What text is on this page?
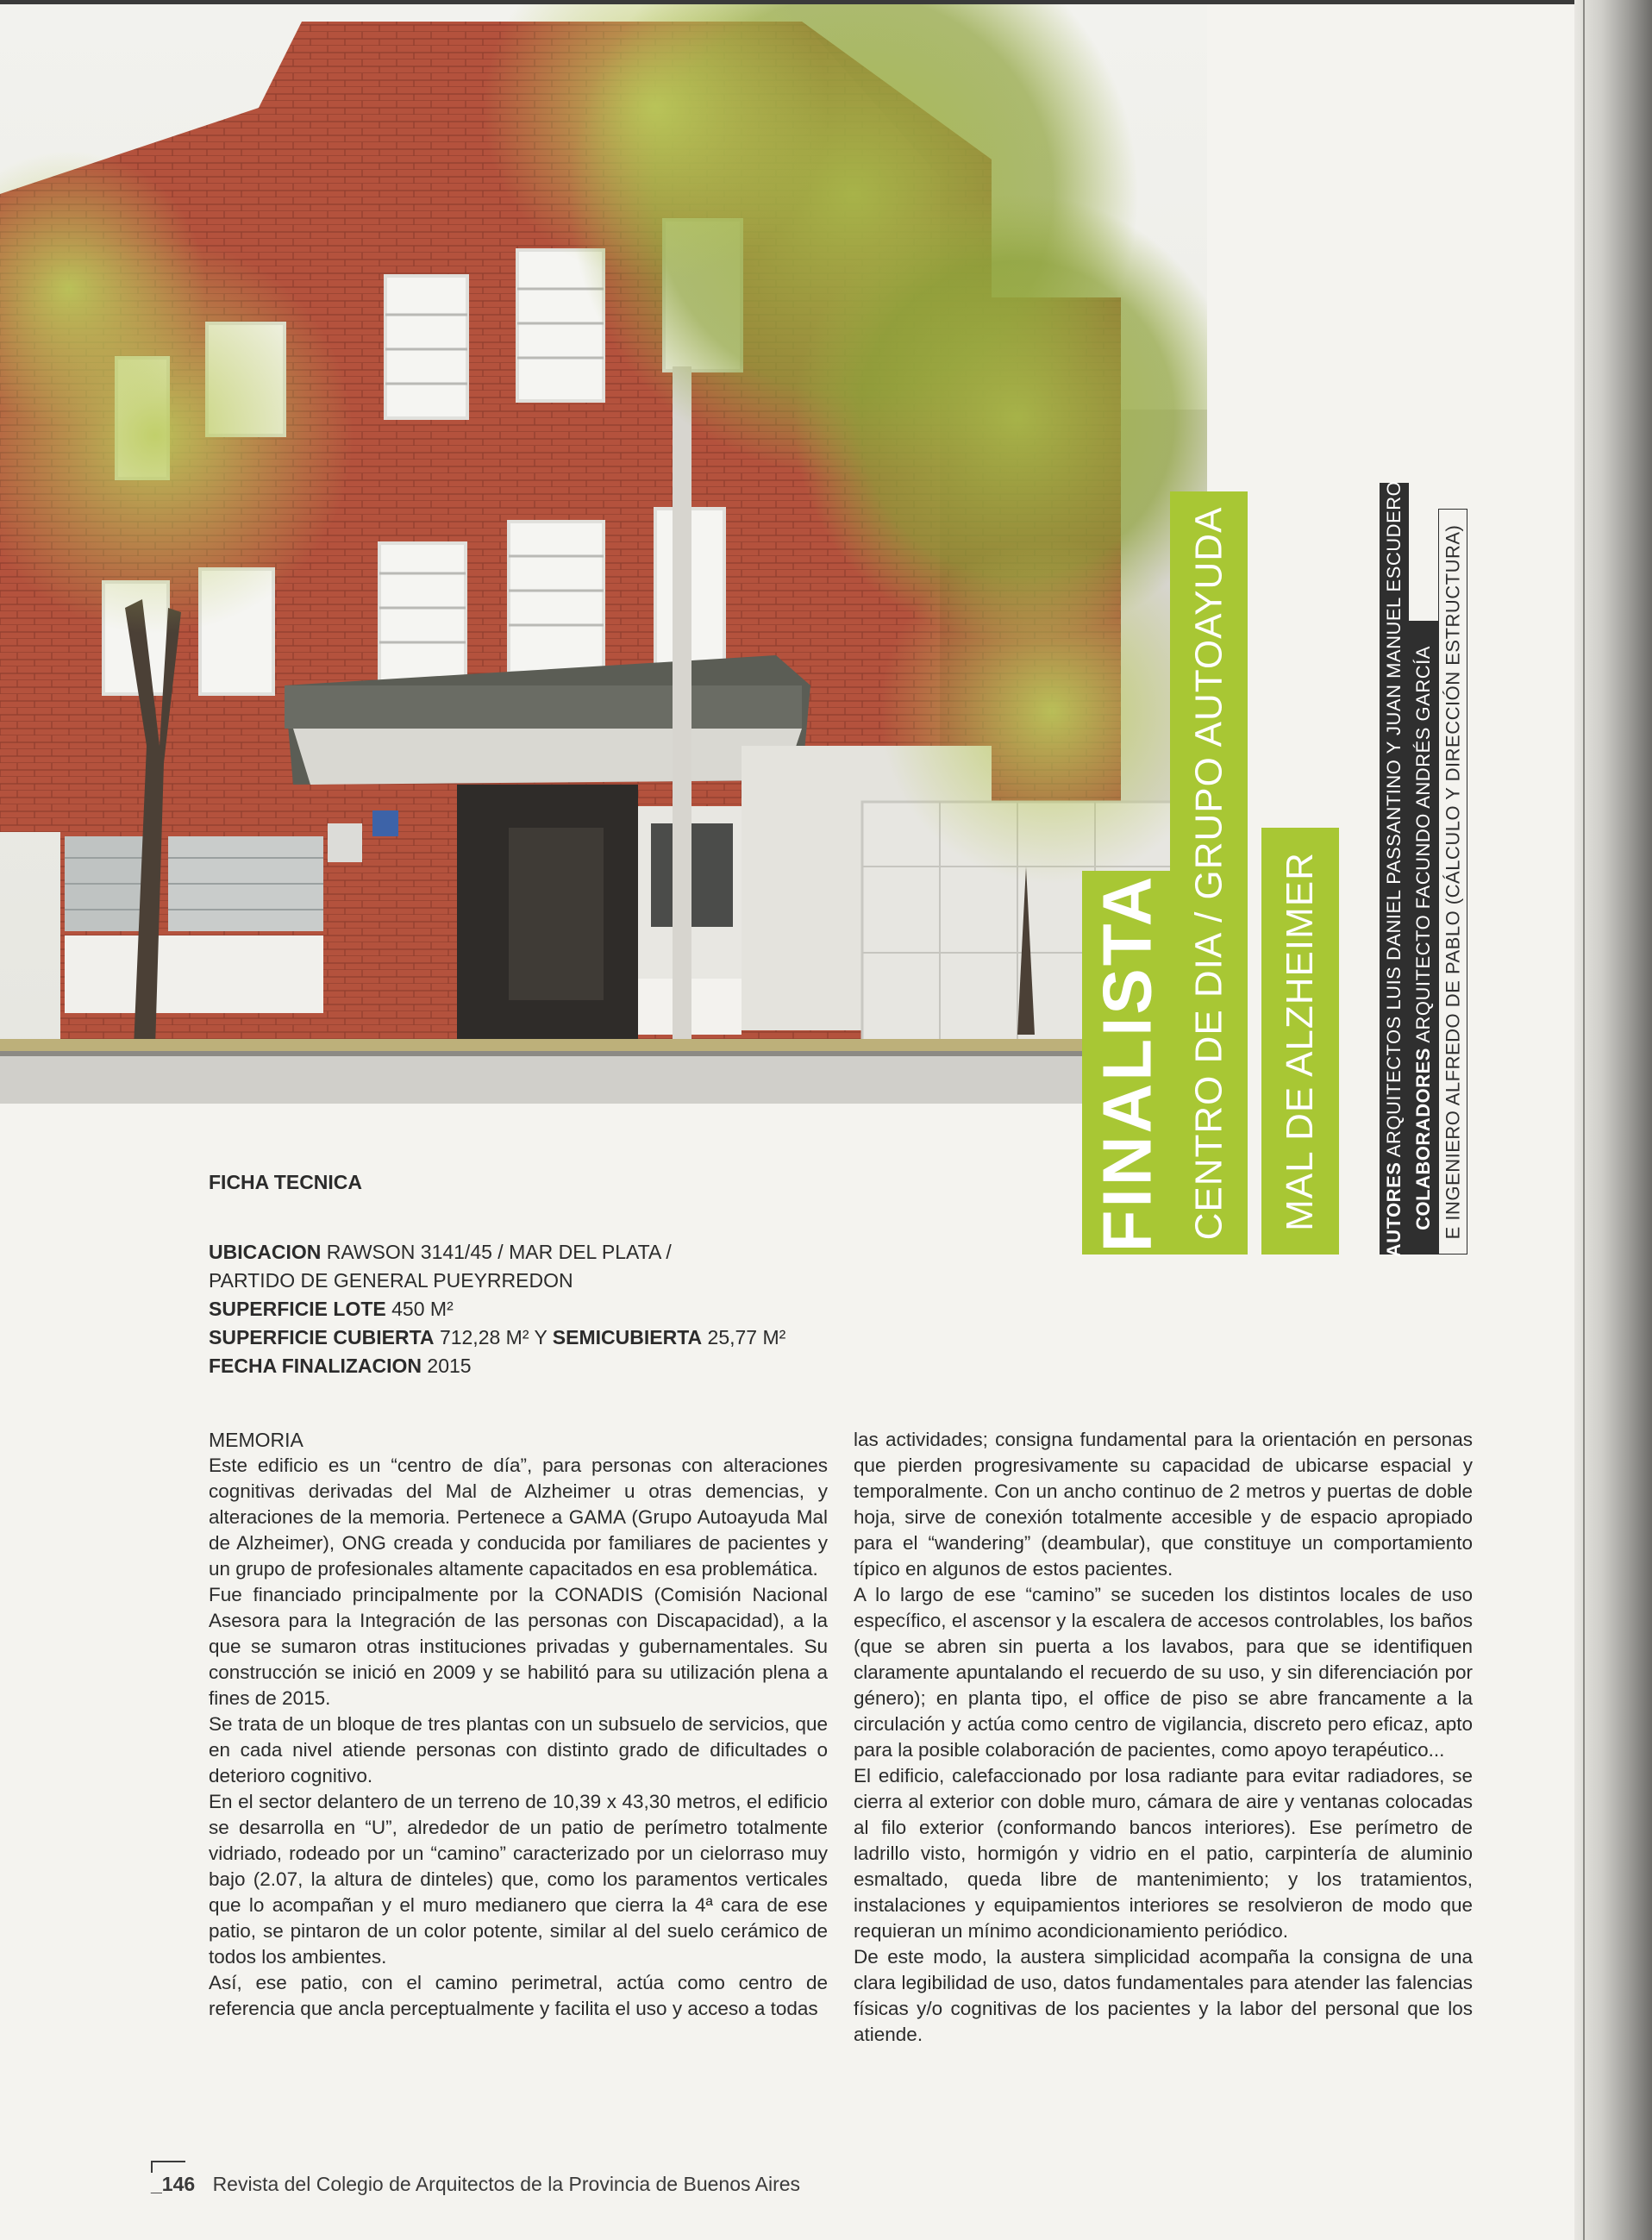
FINALISTA CENTRO DE DIA / GRUPO AUTOAYUDA MAL DE ALZHEIMER	AUTORES ARQUITECTOS LUIS DANIEL PASSANTINO Y JUAN MANUEL ESCUDERO COLABORADORES ARQUITECTO FACUNDO ANDRÉS GARCÍA E INGENIERO ALFREDO DE PABLO (CÁLCULO Y DIRECCIÓN ESTRUCTURA)
FICHA TECNICA
UBICACION RAWSON 3141/45 / MAR DEL PLATA /
PARTIDO DE GENERAL PUEYRREDON
SUPERFICIE LOTE 450 M²
SUPERFICIE CUBIERTA 712,28 M² Y SEMICUBIERTA 25,77 M²
FECHA FINALIZACION 2015

MEMORIA

Este edificio es un “centro de día”, para personas con alteraciones cognitivas derivadas del Mal de Alzheimer u otras demencias, y alteraciones de la memoria. Pertenece a GAMA (Grupo Autoayuda Mal de Alzheimer), ONG creada y conducida por familiares de pacientes y un grupo de profesionales altamente capacitados en esa problemática.

Fue financiado principalmente por la CONADIS (Comisión Nacional Asesora para la Integración de las personas con Discapacidad), a la que se sumaron otras instituciones privadas y gubernamentales. Su construcción se inició en 2009 y se habilitó para su utilización plena a fines de 2015.

Se trata de un bloque de tres plantas con un subsuelo de servicios, que en cada nivel atiende personas con distinto grado de dificultades o deterioro cognitivo.

En el sector delantero de un terreno de 10,39 x 43,30 metros, el edificio se desarrolla en “U”, alrededor de un patio de perímetro totalmente vidriado, rodeado por un “camino” caracterizado por un cielorraso muy bajo (2.07, la altura de dinteles) que, como los paramentos verticales que lo acompañan y el muro medianero que cierra la 4ª cara de ese patio, se pintaron de un color potente, similar al del suelo cerámico de todos los ambientes.

Así, ese patio, con el camino perimetral, actúa como centro de referencia que ancla perceptualmente y facilita el uso y acceso a todas

las actividades; consigna fundamental para la orientación en personas que pierden progresivamente su capacidad de ubicarse espacial y temporalmente. Con un ancho continuo de 2 metros y puertas de doble hoja, sirve de conexión totalmente accesible y de espacio apropiado para el “wandering” (deambular), que constituye un comportamiento típico en algunos de estos pacientes.

A lo largo de ese “camino” se suceden los distintos locales de uso específico, el ascensor y la escalera de accesos controlables, los baños (que se abren sin puerta a los lavabos, para que se identifiquen claramente apuntalando el recuerdo de su uso, y sin diferenciación por género); en planta tipo, el office de piso se abre francamente a la circulación y actúa como centro de vigilancia, discreto pero eficaz, apto para la posible colaboración de pacientes, como apoyo terapéutico...

El edificio, calefaccionado por losa radiante para evitar radiadores, se cierra al exterior con doble muro, cámara de aire y ventanas colocadas al filo exterior (conformando bancos interiores). Ese perímetro de ladrillo visto, hormigón y vidrio en el patio, carpintería de aluminio esmaltado, queda libre de mantenimiento; y los tratamientos, instalaciones y equipamientos interiores se resolvieron de modo que requieran un mínimo acondicionamiento periódico.

De este modo, la austera simplicidad acompaña la consigna de una clara legibilidad de uso, datos fundamentales para atender las falencias físicas y/o cognitivas de los pacientes y la labor del personal que los atiende.

_146 Revista del Colegio de Arquitectos de la Provincia de Buenos Aires
